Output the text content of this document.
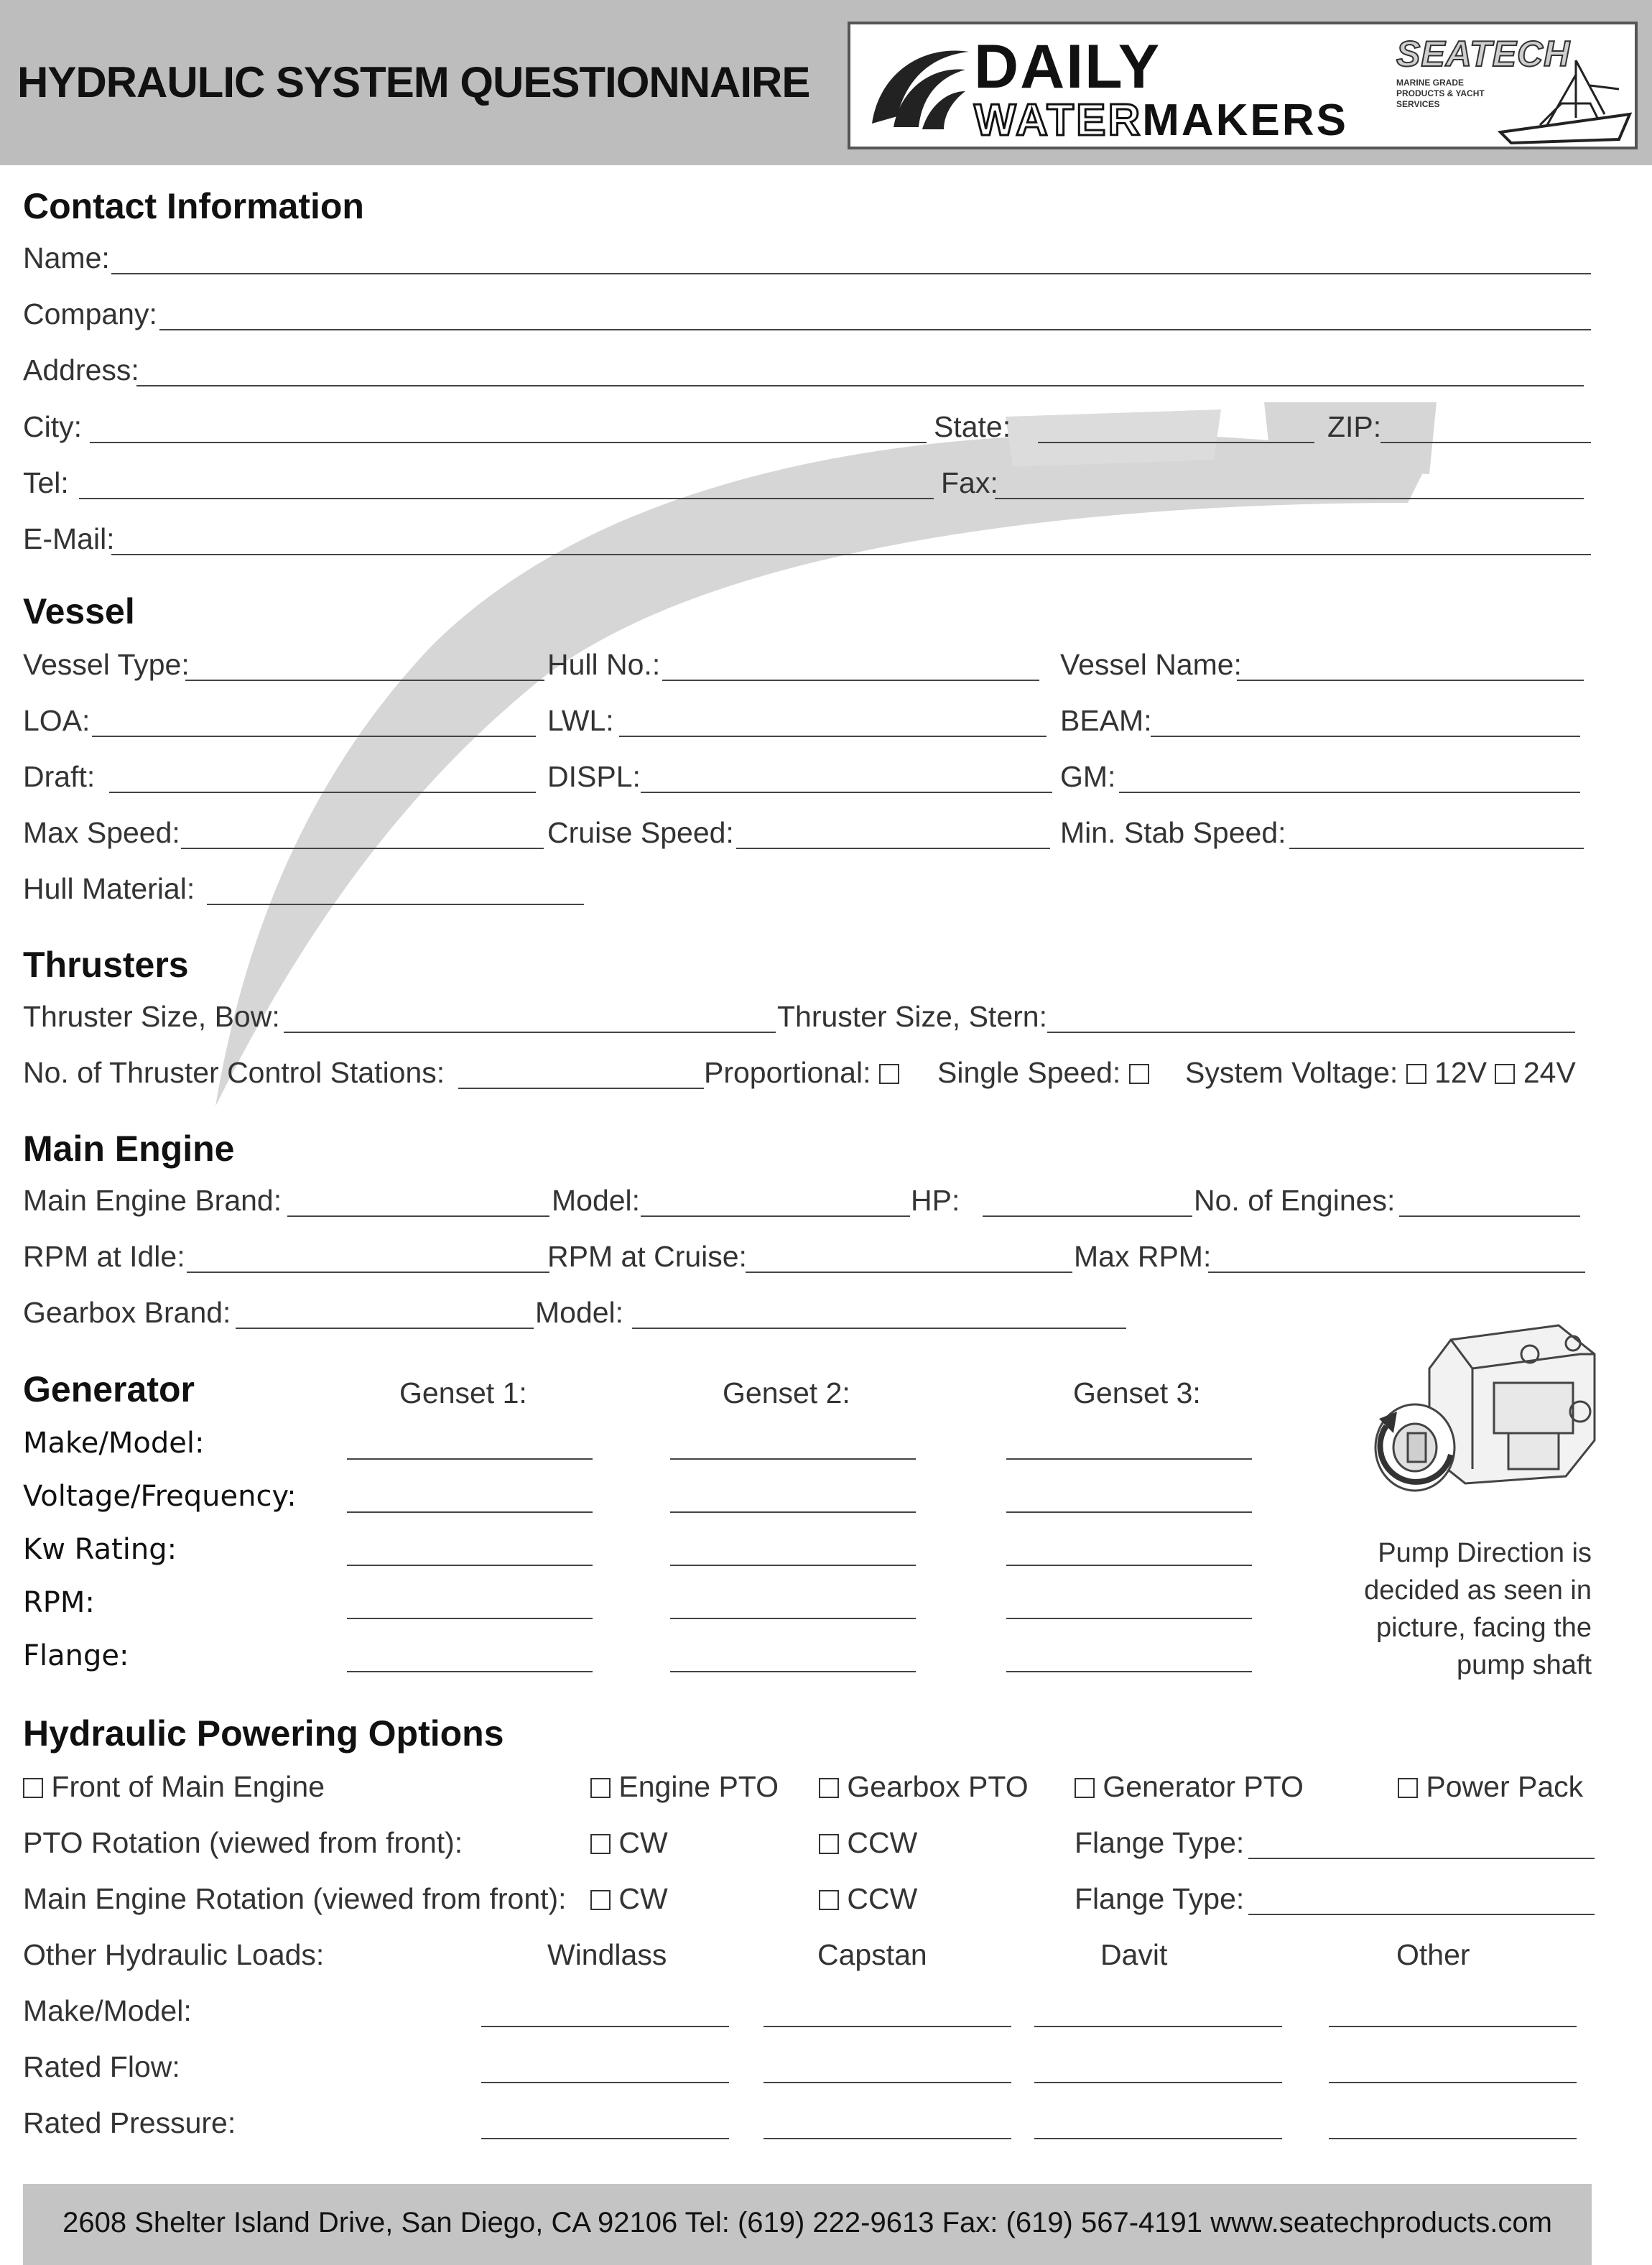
HYDRAULIC SYSTEM QUESTIONNAIRE	DAILY
WATERMAKERS
SEATECH
MARINE GRADE PRODUCTS & YACHT SERVICES
Contact Information
Name:
Company:
Address:
City:	State:	ZIP:
Tel:	Fax:
E-Mail:
Vessel
Vessel Type:	Hull No.:	Vessel Name:
LOA:	LWL:	BEAM:
Draft:	DISPL:	GM:
Max Speed:	Cruise Speed:	Min. Stab Speed:
Hull Material:
Thrusters
Thruster Size, Bow:	Thruster Size, Stern:
No. of Thruster Control Stations:	Proportional:	Single Speed:	System Voltage: 12V 24V
Main Engine
Main Engine Brand:	Model:	HP:	No. of Engines:
RPM at Idle:	RPM at Cruise:	Max RPM:
Gearbox Brand:	Model:
Generator	Genset 1:	Genset 2:	Genset 3:
Make/Model:
Voltage/Frequency:
Kw Rating:
RPM:
Flange:
Pump Direction is decided as seen in picture, facing the pump shaft
Hydraulic Powering Options
Front of Main Engine	Engine PTO	Gearbox PTO	Generator PTO	Power Pack
PTO Rotation (viewed from front):	CW	CCW	Flange Type:
Main Engine Rotation (viewed from front):	CW	CCW	Flange Type:
Other Hydraulic Loads:	Windlass	Capstan	Davit	Other
Make/Model:
Rated Flow:
Rated Pressure:
2608 Shelter Island Drive, San Diego, CA 92106 Tel: (619) 222-9613 Fax: (619) 567-4191 www.seatechproducts.com
